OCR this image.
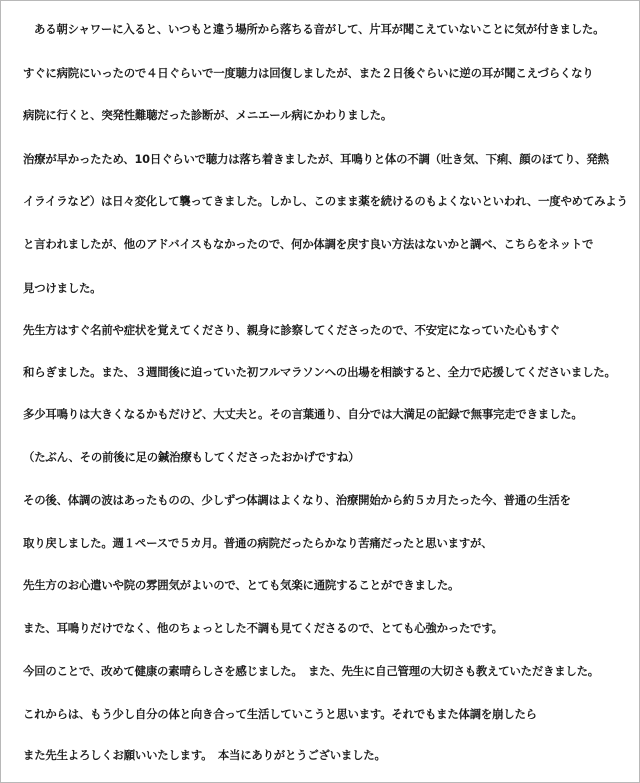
ある朝シャワーに入ると、いつもと違う場所から落ちる音がして、片耳が聞こえていないことに気が付きました。
すぐに病院にいったので４日ぐらいで一度聴力は回復しましたが、また２日後ぐらいに逆の耳が聞こえづらくなり
病院に行くと、突発性難聴だった診断が、メニエール病にかわりました。
治療が早かったため、10日ぐらいで聴力は落ち着きましたが、耳鳴りと体の不調（吐き気、下痢、顔のほてり、発熱
イライラなど）は日々変化して襲ってきました。しかし、このまま薬を続けるのもよくないといわれ、一度やめてみよう
と言われましたが、他のアドバイスもなかったので、何か体調を戻す良い方法はないかと調べ、こちらをネットで
見つけました。
先生方はすぐ名前や症状を覚えてくださり、親身に診察してくださったので、不安定になっていた心もすぐ
和らぎました。また、３週間後に迫っていた初フルマラソンへの出場を相談すると、全力で応援してくださいました。
多少耳鳴りは大きくなるかもだけど、大丈夫と。その言葉通り、自分では大満足の記録で無事完走できました。
（たぶん、その前後に足の鍼治療もしてくださったおかげですね）
その後、体調の波はあったものの、少しずつ体調はよくなり、治療開始から約５カ月たった今、普通の生活を
取り戻しました。週１ペースで５カ月。普通の病院だったらかなり苦痛だったと思いますが、
先生方のお心遣いや院の雰囲気がよいので、とても気楽に通院することができました。
また、耳鳴りだけでなく、他のちょっとした不調も見てくださるので、とても心強かったです。
今回のことで、改めて健康の素晴らしさを感じました。　また、先生に自己管理の大切さも教えていただきました。
これからは、もう少し自分の体と向き合って生活していこうと思います。それでもまた体調を崩したら
また先生よろしくお願いいたします。　本当にありがとうございました。
